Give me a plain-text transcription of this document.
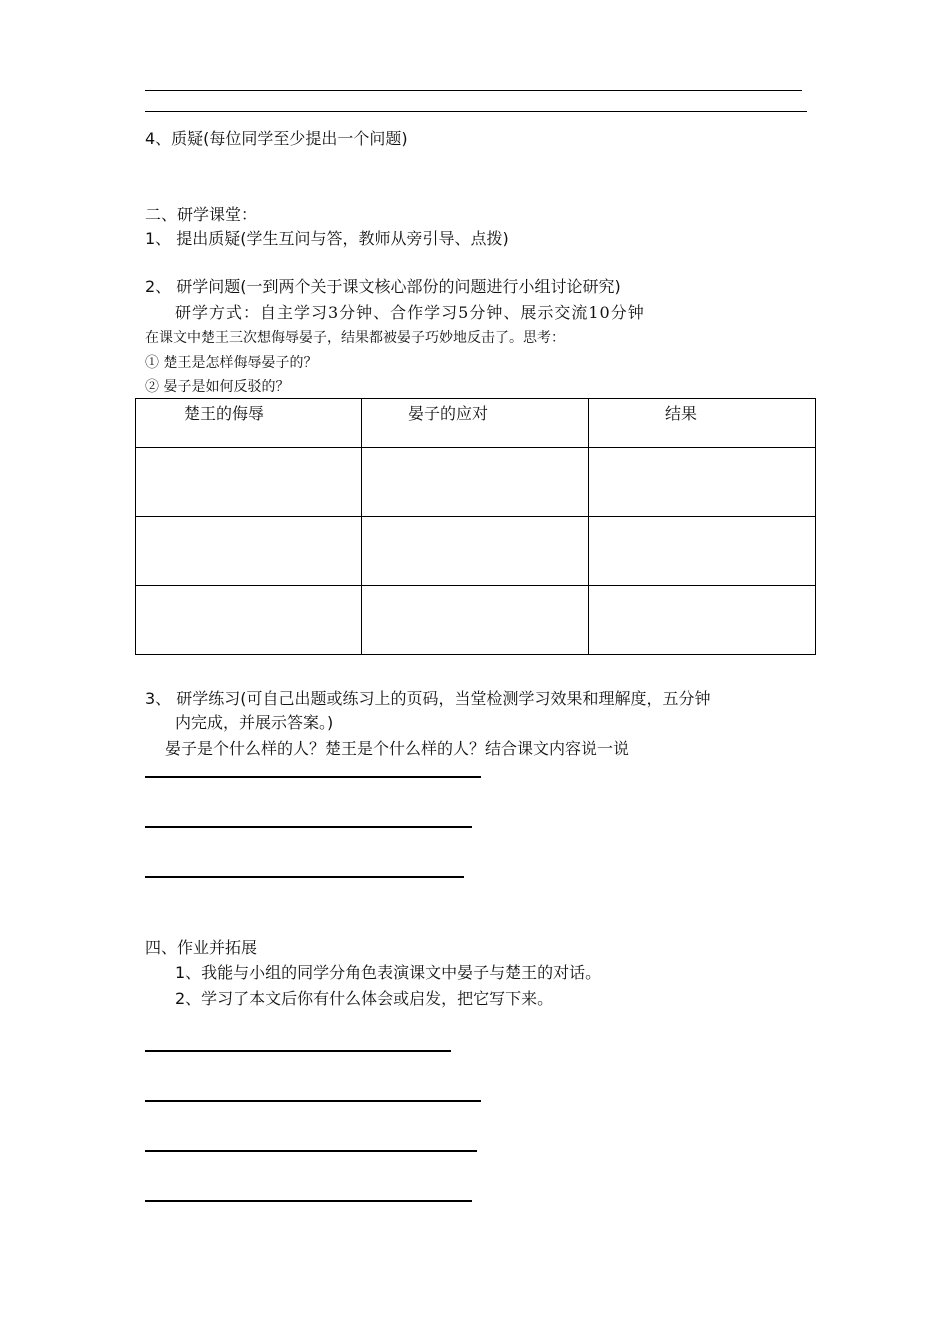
4、质疑(每位同学至少提出一个问题)
二、研学课堂：
1、 提出质疑(学生互问与答，教师从旁引导、点拨)
2、 研学问题(一到两个关于课文核心部份的问题进行小组讨论研究)
研学方式：自主学习3分钟、合作学习5分钟、展示交流10分钟
在课文中楚王三次想侮辱晏子，结果都被晏子巧妙地反击了。思考：
① 楚王是怎样侮辱晏子的？
② 晏子是如何反驳的？
楚王的侮辱	晏子的应对	结果

3、 研学练习(可自己出题或练习上的页码，当堂检测学习效果和理解度，五分钟
内完成，并展示答案。)
晏子是个什么样的人？楚王是个什么样的人？结合课文内容说一说
四、作业并拓展
1、我能与小组的同学分角色表演课文中晏子与楚王的对话。
2、学习了本文后你有什么体会或启发，把它写下来。
